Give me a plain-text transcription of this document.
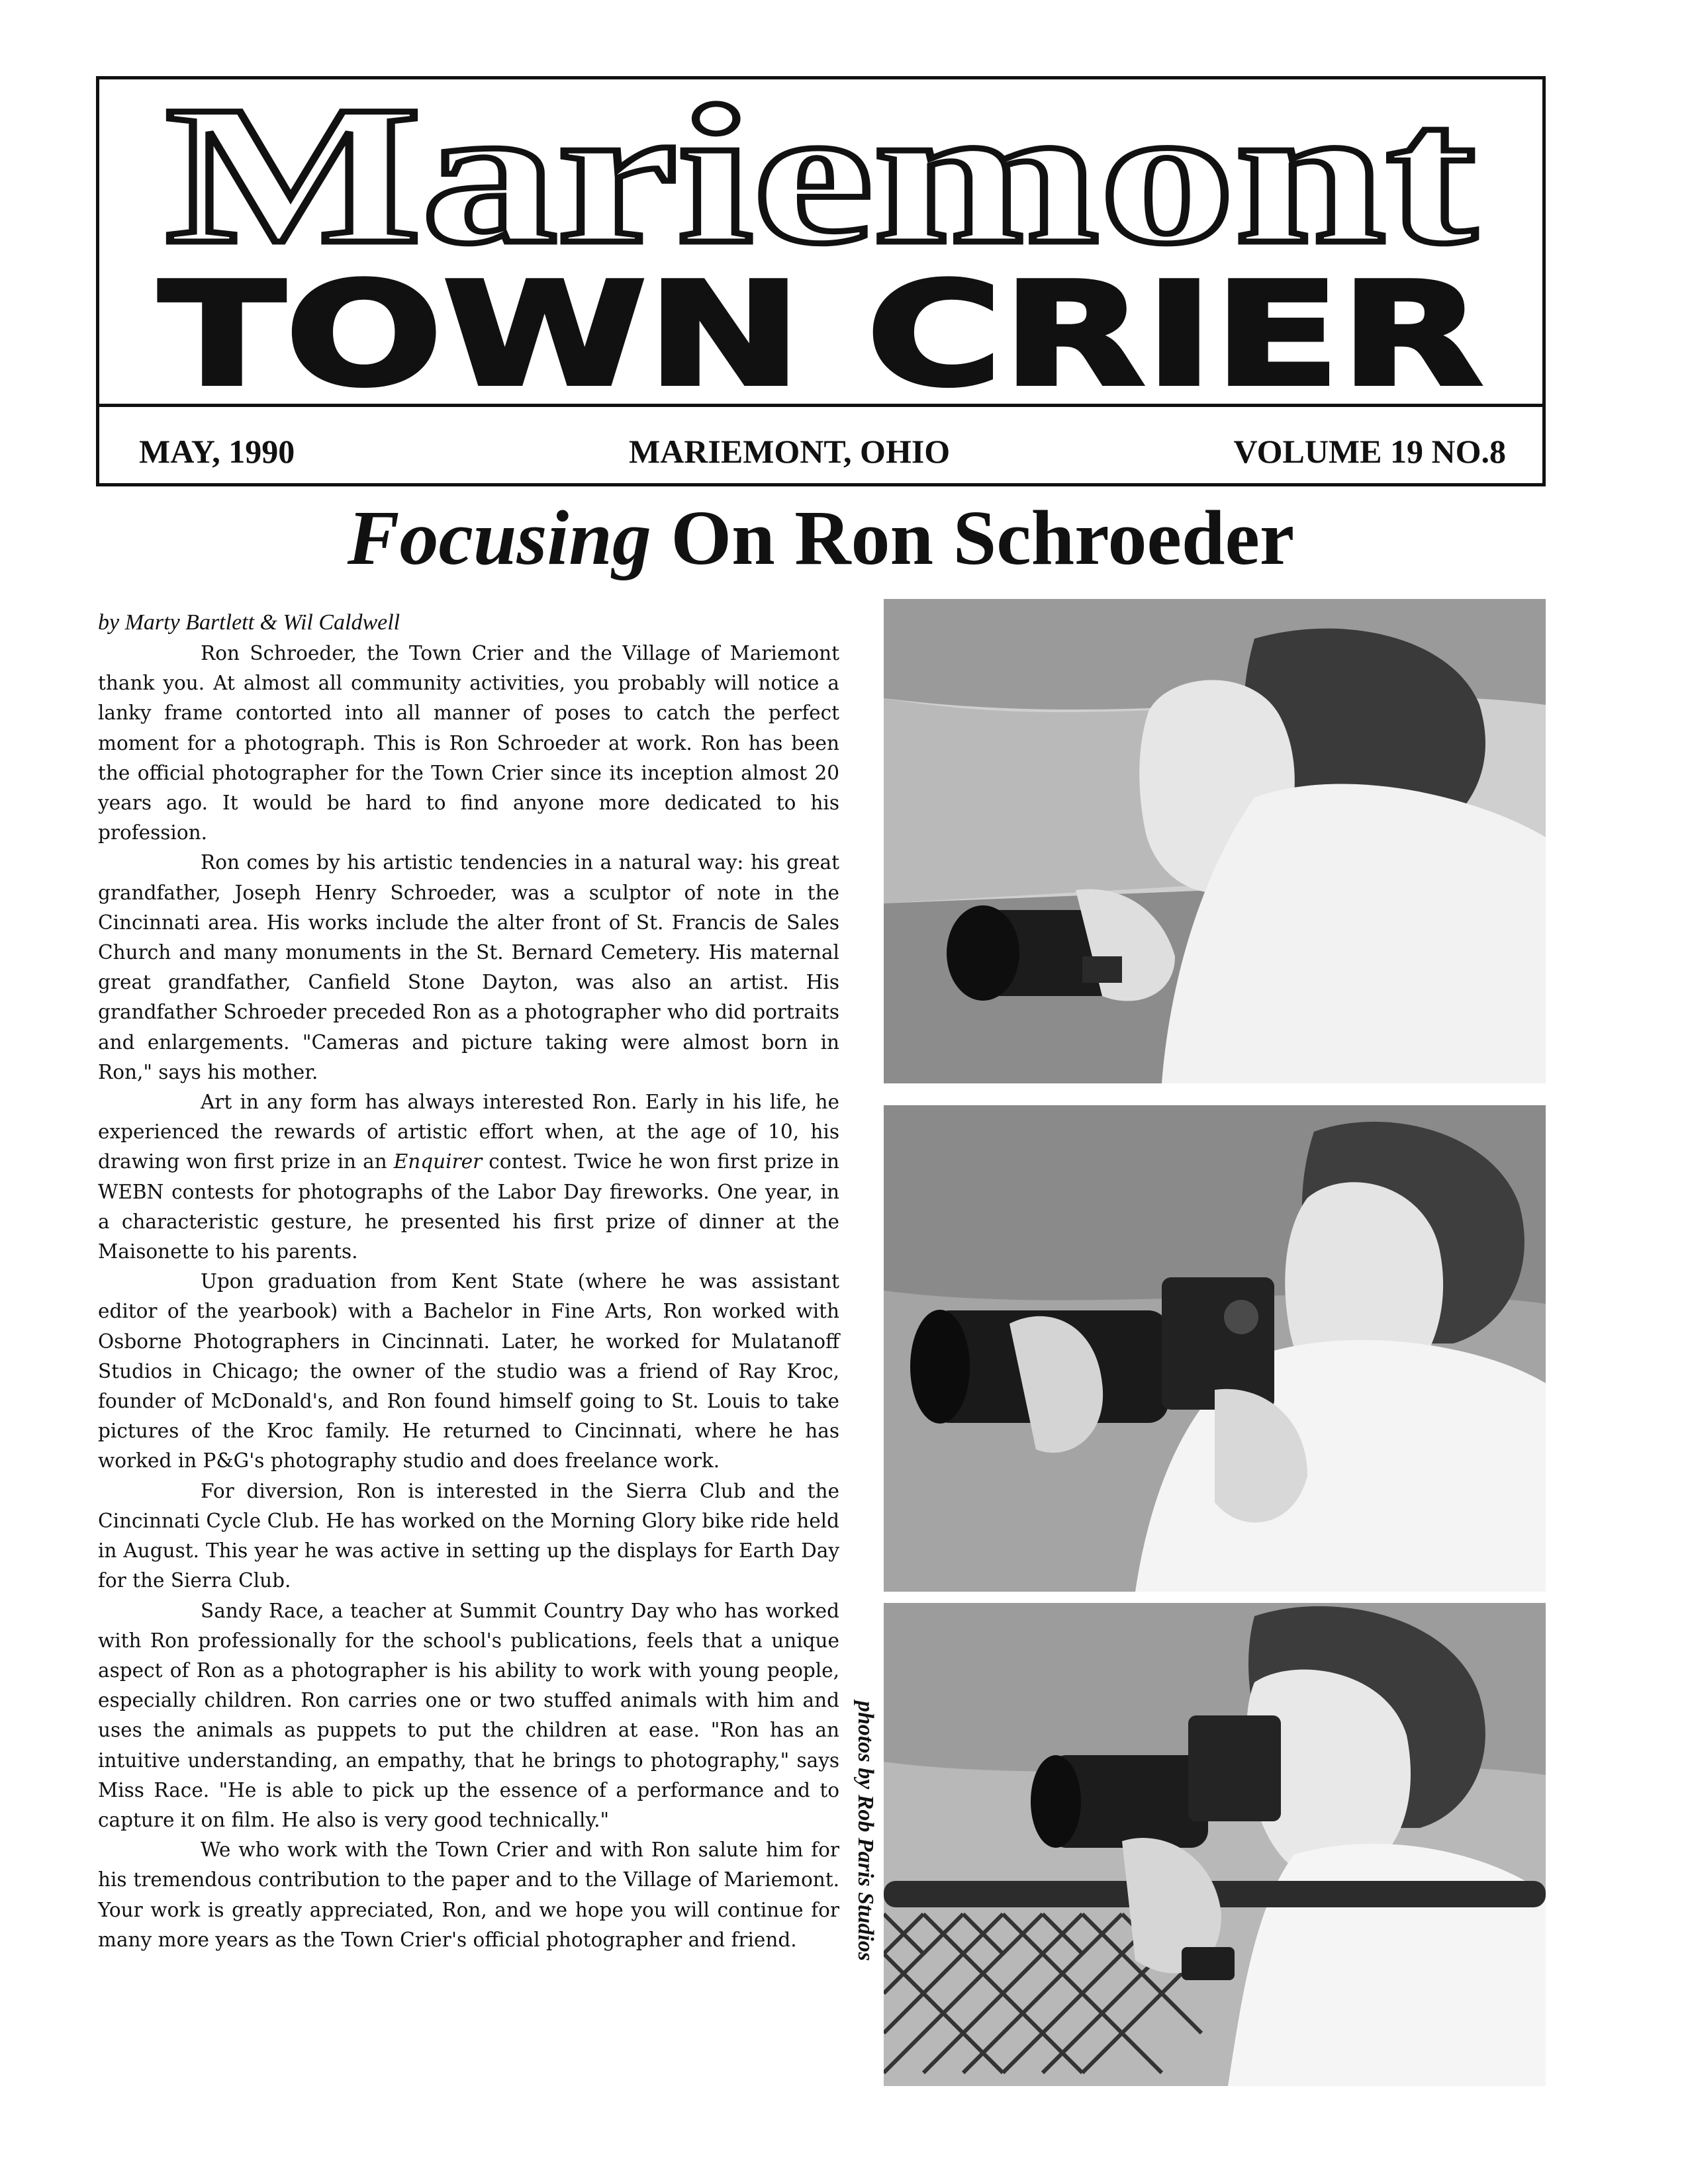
Mariemont
TOWN CRIER
MAY, 1990	MARIEMONT, OHIO	VOLUME 19 NO.8
Focusing On Ron Schroeder
by Marty Bartlett & Wil Caldwell

Ron Schroeder, the Town Crier and the Village of Mariemont thank you. At almost all community activities, you probably will notice a lanky frame contorted into all manner of poses to catch the perfect moment for a photograph. This is Ron Schroeder at work. Ron has been the official photographer for the Town Crier since its inception almost 20 years ago. It would be hard to find anyone more dedicated to his profession.

Ron comes by his artistic tendencies in a natural way: his great grandfather, Joseph Henry Schroeder, was a sculptor of note in the Cincinnati area. His works include the alter front of St. Francis de Sales Church and many monuments in the St. Bernard Cemetery. His maternal great grandfather, Canfield Stone Dayton, was also an artist. His grandfather Schroeder preceded Ron as a photographer who did portraits and enlargements. "Cameras and picture taking were almost born in Ron," says his mother.

Art in any form has always interested Ron. Early in his life, he experienced the rewards of artistic effort when, at the age of 10, his drawing won first prize in an Enquirer contest. Twice he won first prize in WEBN contests for photographs of the Labor Day fireworks. One year, in a characteristic gesture, he presented his first prize of dinner at the Maisonette to his parents.

Upon graduation from Kent State (where he was assistant editor of the yearbook) with a Bachelor in Fine Arts, Ron worked with Osborne Photographers in Cincinnati. Later, he worked for Mulatanoff Studios in Chicago; the owner of the studio was a friend of Ray Kroc, founder of McDonald's, and Ron found himself going to St. Louis to take pictures of the Kroc family. He returned to Cincinnati, where he has worked in P&G's photography studio and does freelance work.

For diversion, Ron is interested in the Sierra Club and the Cincinnati Cycle Club. He has worked on the Morning Glory bike ride held in August. This year he was active in setting up the displays for Earth Day for the Sierra Club.

Sandy Race, a teacher at Summit Country Day who has worked with Ron professionally for the school's publications, feels that a unique aspect of Ron as a photographer is his ability to work with young people, especially children. Ron carries one or two stuffed animals with him and uses the animals as puppets to put the children at ease. "Ron has an intuitive understanding, an empathy, that he brings to photography," says Miss Race. "He is able to pick up the essence of a performance and to capture it on film. He also is very good technically."

We who work with the Town Crier and with Ron salute him for his tremendous contribution to the paper and to the Village of Mariemont. Your work is greatly appreciated, Ron, and we hope you will continue for many more years as the Town Crier's official photographer and friend.	photos by Rob Paris Studios
